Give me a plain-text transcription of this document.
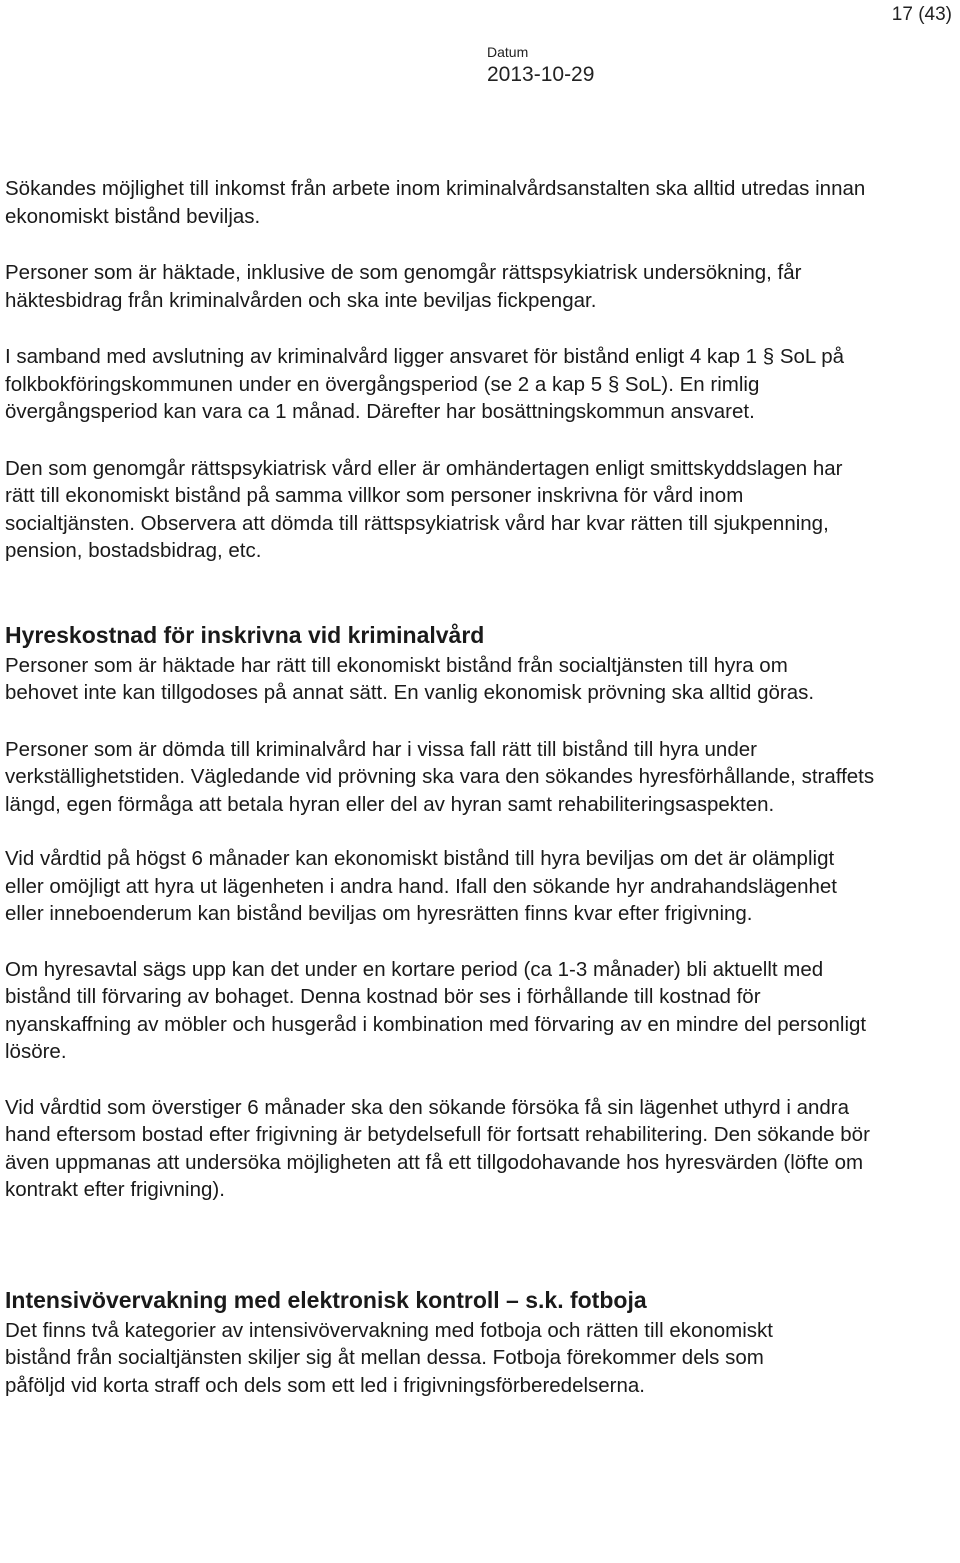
17 (43)
Datum
2013-10-29

Sökandes möjlighet till inkomst från arbete inom kriminalvårdsanstalten ska alltid utredas innan ekonomiskt bistånd beviljas.

Personer som är häktade, inklusive de som genomgår rättspsykiatrisk undersökning, får häktesbidrag från kriminalvården och ska inte beviljas fickpengar.

I samband med avslutning av kriminalvård ligger ansvaret för bistånd enligt 4 kap 1 § SoL på folkbokföringskommunen under en övergångsperiod (se 2 a kap 5 § SoL). En rimlig övergångsperiod kan vara ca 1 månad. Därefter har bosättningskommun ansvaret.

Den som genomgår rättspsykiatrisk vård eller är omhändertagen enligt smittskyddslagen har rätt till ekonomiskt bistånd på samma villkor som personer inskrivna för vård inom socialtjänsten. Observera att dömda till rättspsykiatrisk vård har kvar rätten till sjukpenning, pension, bostadsbidrag, etc.

Hyreskostnad för inskrivna vid kriminalvård

Personer som är häktade har rätt till ekonomiskt bistånd från socialtjänsten till hyra om behovet inte kan tillgodoses på annat sätt. En vanlig ekonomisk prövning ska alltid göras.

Personer som är dömda till kriminalvård har i vissa fall rätt till bistånd till hyra under verkställighetstiden. Vägledande vid prövning ska vara den sökandes hyresförhållande, straffets längd, egen förmåga att betala hyran eller del av hyran samt rehabiliteringsaspekten.

Vid vårdtid på högst 6 månader kan ekonomiskt bistånd till hyra beviljas om det är olämpligt eller omöjligt att hyra ut lägenheten i andra hand. Ifall den sökande hyr andrahandslägenhet eller inneboenderum kan bistånd beviljas om hyresrätten finns kvar efter frigivning.

Om hyresavtal sägs upp kan det under en kortare period (ca 1-3 månader) bli aktuellt med bistånd till förvaring av bohaget. Denna kostnad bör ses i förhållande till kostnad för nyanskaffning av möbler och husgeråd i kombination med förvaring av en mindre del personligt lösöre.

Vid vårdtid som överstiger 6 månader ska den sökande försöka få sin lägenhet uthyrd i andra hand eftersom bostad efter frigivning är betydelsefull för fortsatt rehabilitering. Den sökande bör även uppmanas att undersöka möjligheten att få ett tillgodohavande hos hyresvärden (löfte om kontrakt efter frigivning).

Intensivövervakning med elektronisk kontroll – s.k. fotboja

Det finns två kategorier av intensivövervakning med fotboja och rätten till ekonomiskt bistånd från socialtjänsten skiljer sig åt mellan dessa. Fotboja förekommer dels som påföljd vid korta straff och dels som ett led i frigivningsförberedelserna.
